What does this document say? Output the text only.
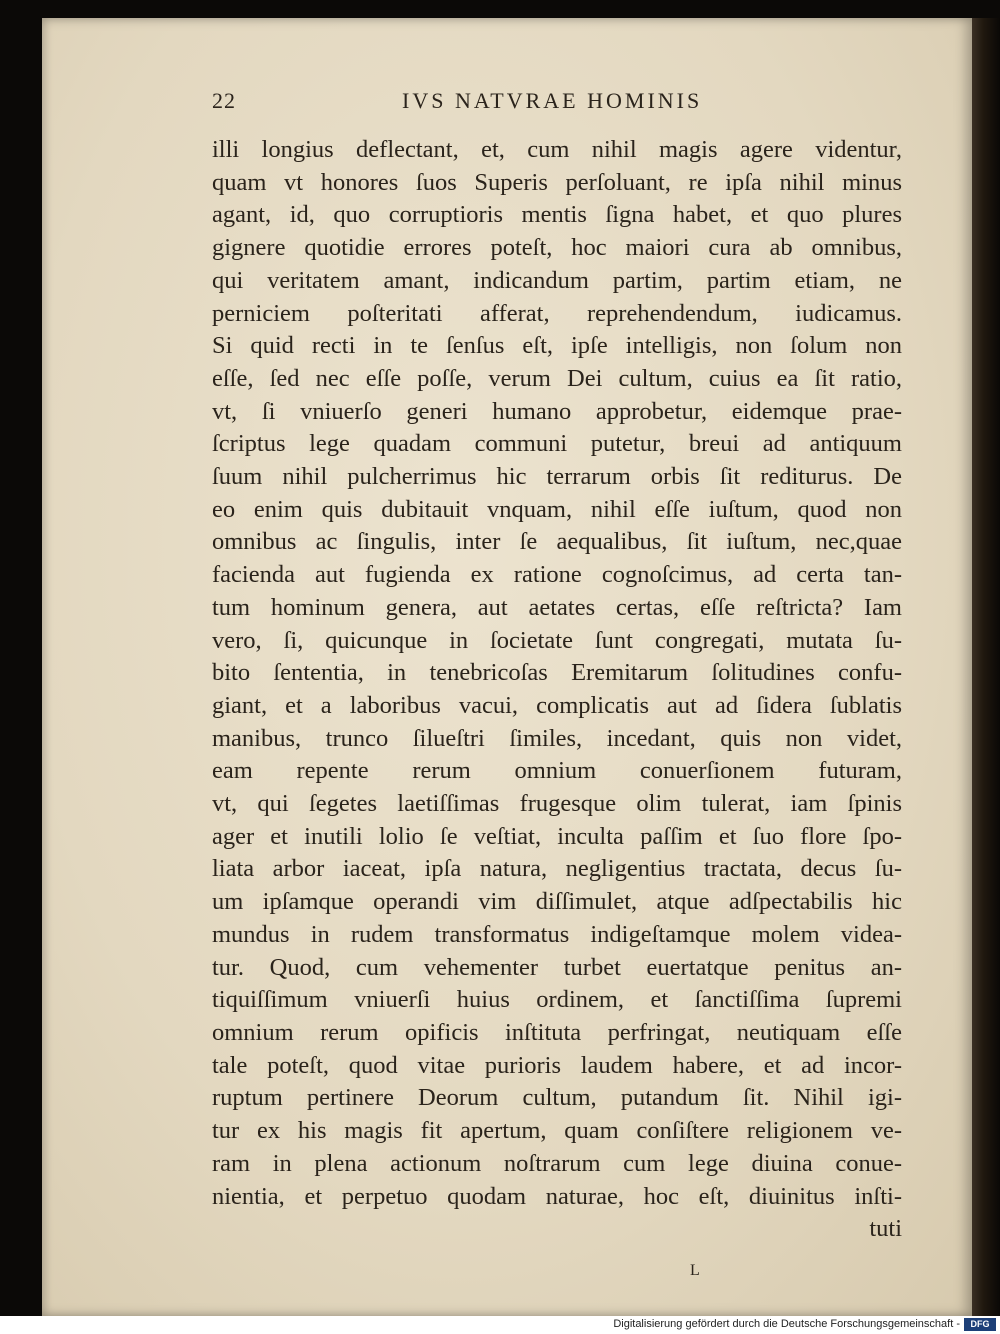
22	IVS NATVRAE HOMINIS
illi longius deflectant, et, cum nihil magis agere videntur,
quam vt honores ſuos Superis perſoluant, re ipſa nihil minus
agant, id, quo corruptioris mentis ſigna habet, et quo plures
gignere quotidie errores poteſt, hoc maiori cura ab omnibus,
qui veritatem amant, indicandum partim, partim etiam, ne
perniciem poſteritati afferat, reprehendendum, iudicamus.
Si quid recti in te ſenſus eſt, ipſe intelligis, non ſolum non
eſſe, ſed nec eſſe poſſe, verum Dei cultum, cuius ea ſit ratio,
vt, ſi vniuerſo generi humano approbetur, eidemque prae-
ſcriptus lege quadam communi putetur, breui ad antiquum
ſuum nihil pulcherrimus hic terrarum orbis ſit rediturus. De
eo enim quis dubitauit vnquam, nihil eſſe iuſtum, quod non
omnibus ac ſingulis, inter ſe aequalibus, ſit iuſtum, nec,quae
facienda aut fugienda ex ratione cognoſcimus, ad certa tan-
tum hominum genera, aut aetates certas, eſſe reſtricta? Iam
vero, ſi, quicunque in ſocietate ſunt congregati, mutata ſu-
bito ſententia, in tenebricoſas Eremitarum ſolitudines confu-
giant, et a laboribus vacui, complicatis aut ad ſidera ſublatis
manibus, trunco ſilueſtri ſimiles, incedant, quis non videt,
eam repente rerum omnium conuerſionem futuram,
vt, qui ſegetes laetiſſimas frugesque olim tulerat, iam ſpinis
ager et inutili lolio ſe veſtiat, inculta paſſim et ſuo flore ſpo-
liata arbor iaceat, ipſa natura, negligentius tractata, decus ſu-
um ipſamque operandi vim diſſimulet, atque adſpectabilis hic
mundus in rudem transformatus indigeſtamque molem videa-
tur. Quod, cum vehementer turbet euertatque penitus an-
tiquiſſimum vniuerſi huius ordinem, et ſanctiſſima ſupremi
omnium rerum opificis inſtituta perfringat, neutiquam eſſe
tale poteſt, quod vitae purioris laudem habere, et ad incor-
ruptum pertinere Deorum cultum, putandum ſit. Nihil igi-
tur ex his magis fit apertum, quam conſiſtere religionem ve-
ram in plena actionum noſtrarum cum lege diuina conue-
nientia, et perpetuo quodam naturae, hoc eſt, diuinitus inſti-
tuti
L
Digitalisierung gefördert durch die Deutsche Forschungsgemeinschaft -	DFG
